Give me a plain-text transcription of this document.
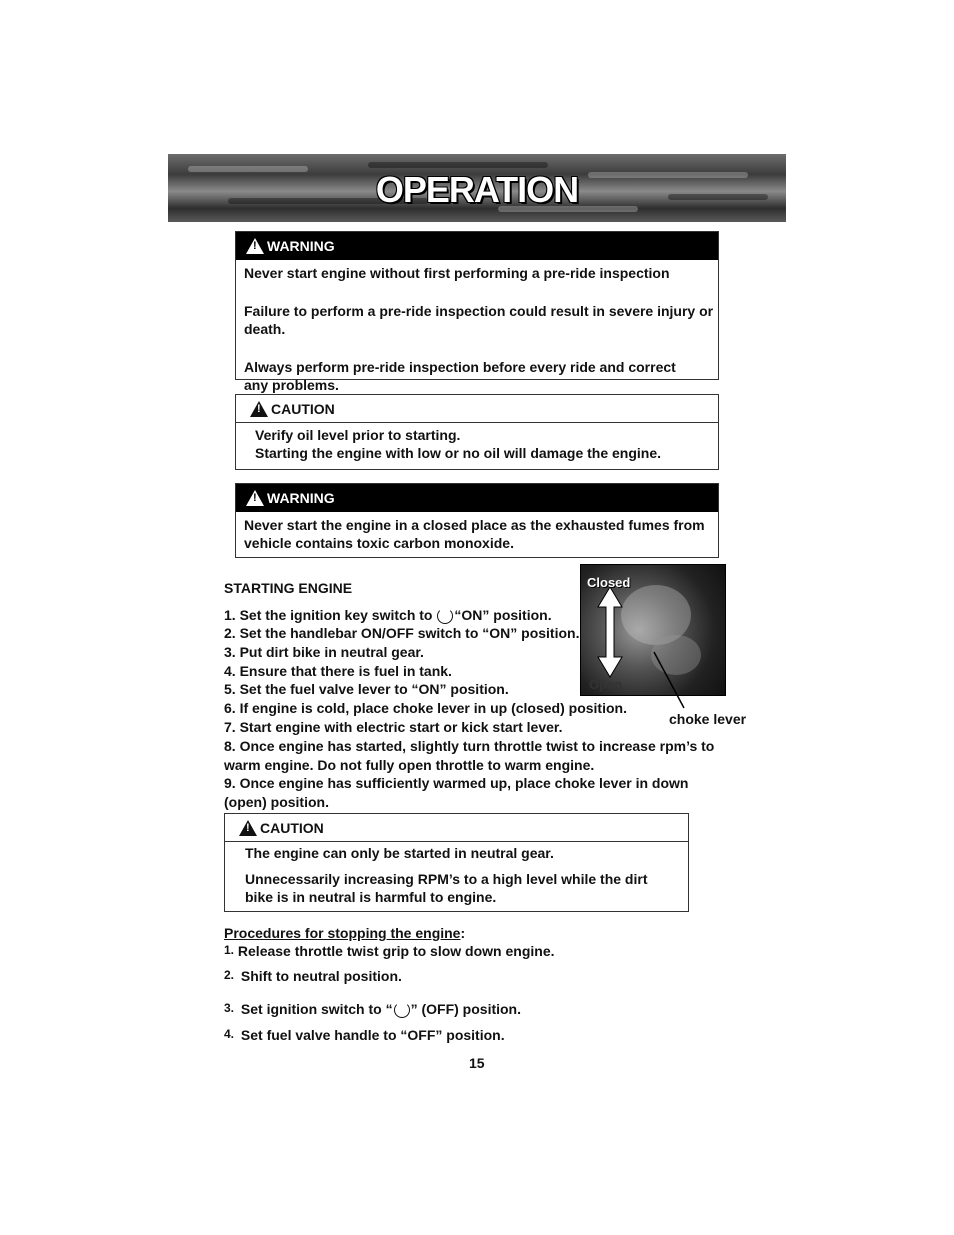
OPERATION
!
WARNING

Never start engine without first performing a pre-ride inspection

Failure to perform a pre-ride inspection could result in severe injury or death.

Always perform pre-ride inspection before every ride and correct any problems.

!
CAUTION

Verify oil level prior to starting.

Starting the engine with low or no oil will damage the engine.

!
WARNING

Never start the engine in a closed place as the exhausted fumes from vehicle contains toxic carbon monoxide.

STARTING ENGINE
1. Set the ignition key switch to “ON” position.
2. Set the handlebar ON/OFF switch to “ON” position.
3. Put dirt bike in neutral gear.
4. Ensure that there is fuel in tank.
5. Set the fuel valve lever to “ON” position.
6. If engine is cold, place choke lever in up (closed) position.
7. Start engine with electric start or kick start lever.
8. Once engine has started, slightly turn throttle twist to increase rpm’s to warm engine. Do not fully open throttle to warm engine.
9. Once engine has sufficiently warmed up, place choke lever in down (open) position.
Closed
Open
choke lever
!
CAUTION

The engine can only be started in neutral gear.

Unnecessarily increasing RPM’s to a high level while the dirt bike is in neutral is harmful to engine.

Procedures for stopping the engine:
1. Release throttle twist grip to slow down engine.
2. Shift to neutral position.
3. Set ignition switch to “ ” (OFF) position.
4. Set fuel valve handle to “OFF” position.
15
